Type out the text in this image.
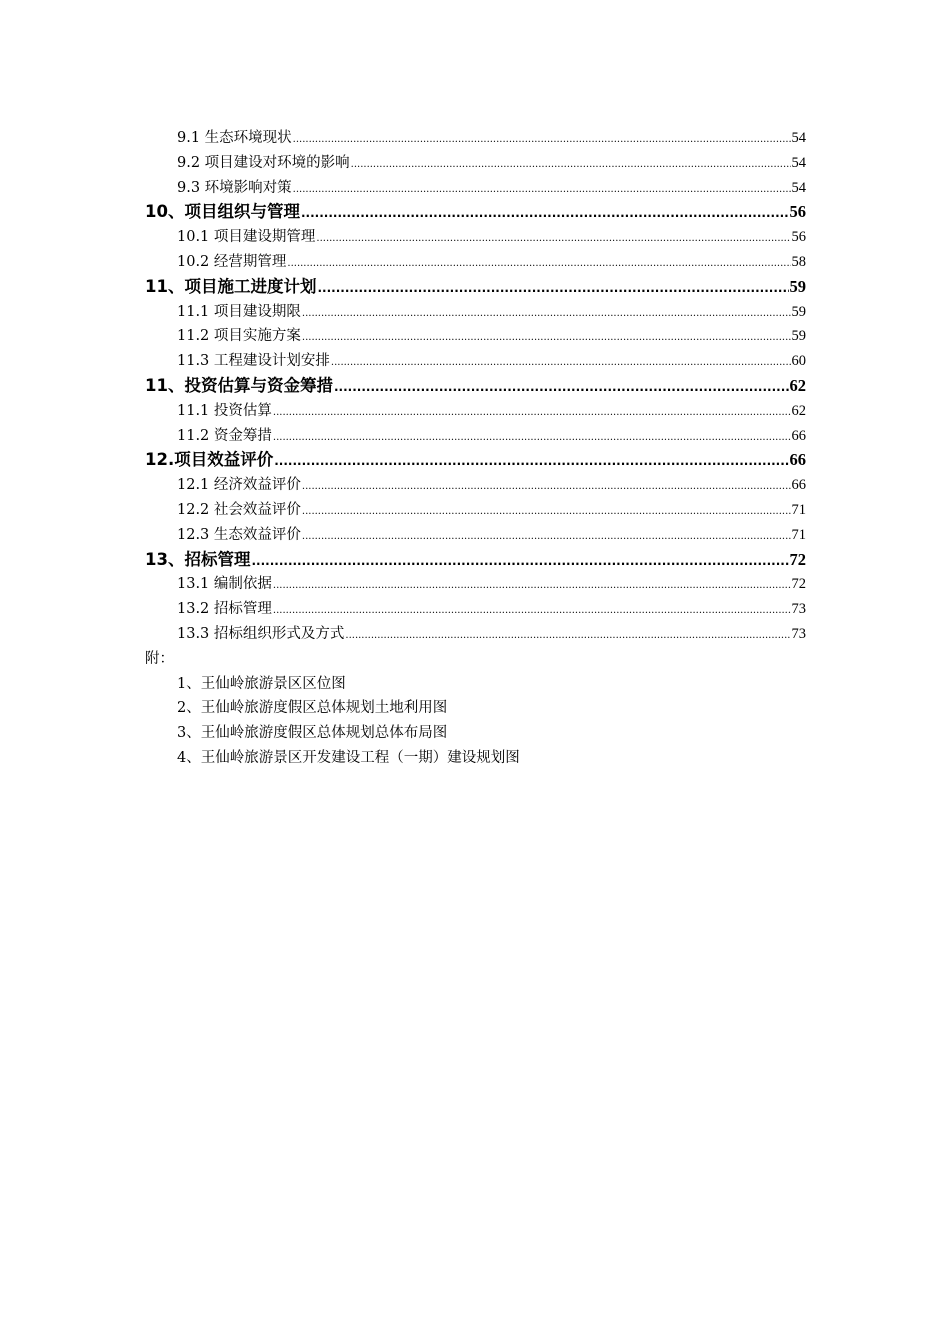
9.1 生态环境现状 .....	54
9.2 项目建设对环境的影响 .....	54
9.3 环境影响对策 .....	54
10、项目组织与管理 .....	56
10.1 项目建设期管理 .....	56
10.2 经营期管理 .....	58
11、项目施工进度计划 .....	59
11.1 项目建设期限 .....	59
11.2 项目实施方案 .....	59
11.3 工程建设计划安排 .....	60
11、投资估算与资金筹措 .....	62
11.1 投资估算 .....	62
11.2 资金筹措 .....	66
12.项目效益评价 .....	66
12.1 经济效益评价 .....	66
12.2 社会效益评价 .....	71
12.3 生态效益评价 .....	71
13、招标管理 .....	72
13.1 编制依据 .....	72
13.2 招标管理 .....	73
13.3 招标组织形式及方式 .....	73
附：
1、王仙岭旅游景区区位图
2、王仙岭旅游度假区总体规划土地利用图
3、王仙岭旅游度假区总体规划总体布局图
4、王仙岭旅游景区开发建设工程（一期）建设规划图
